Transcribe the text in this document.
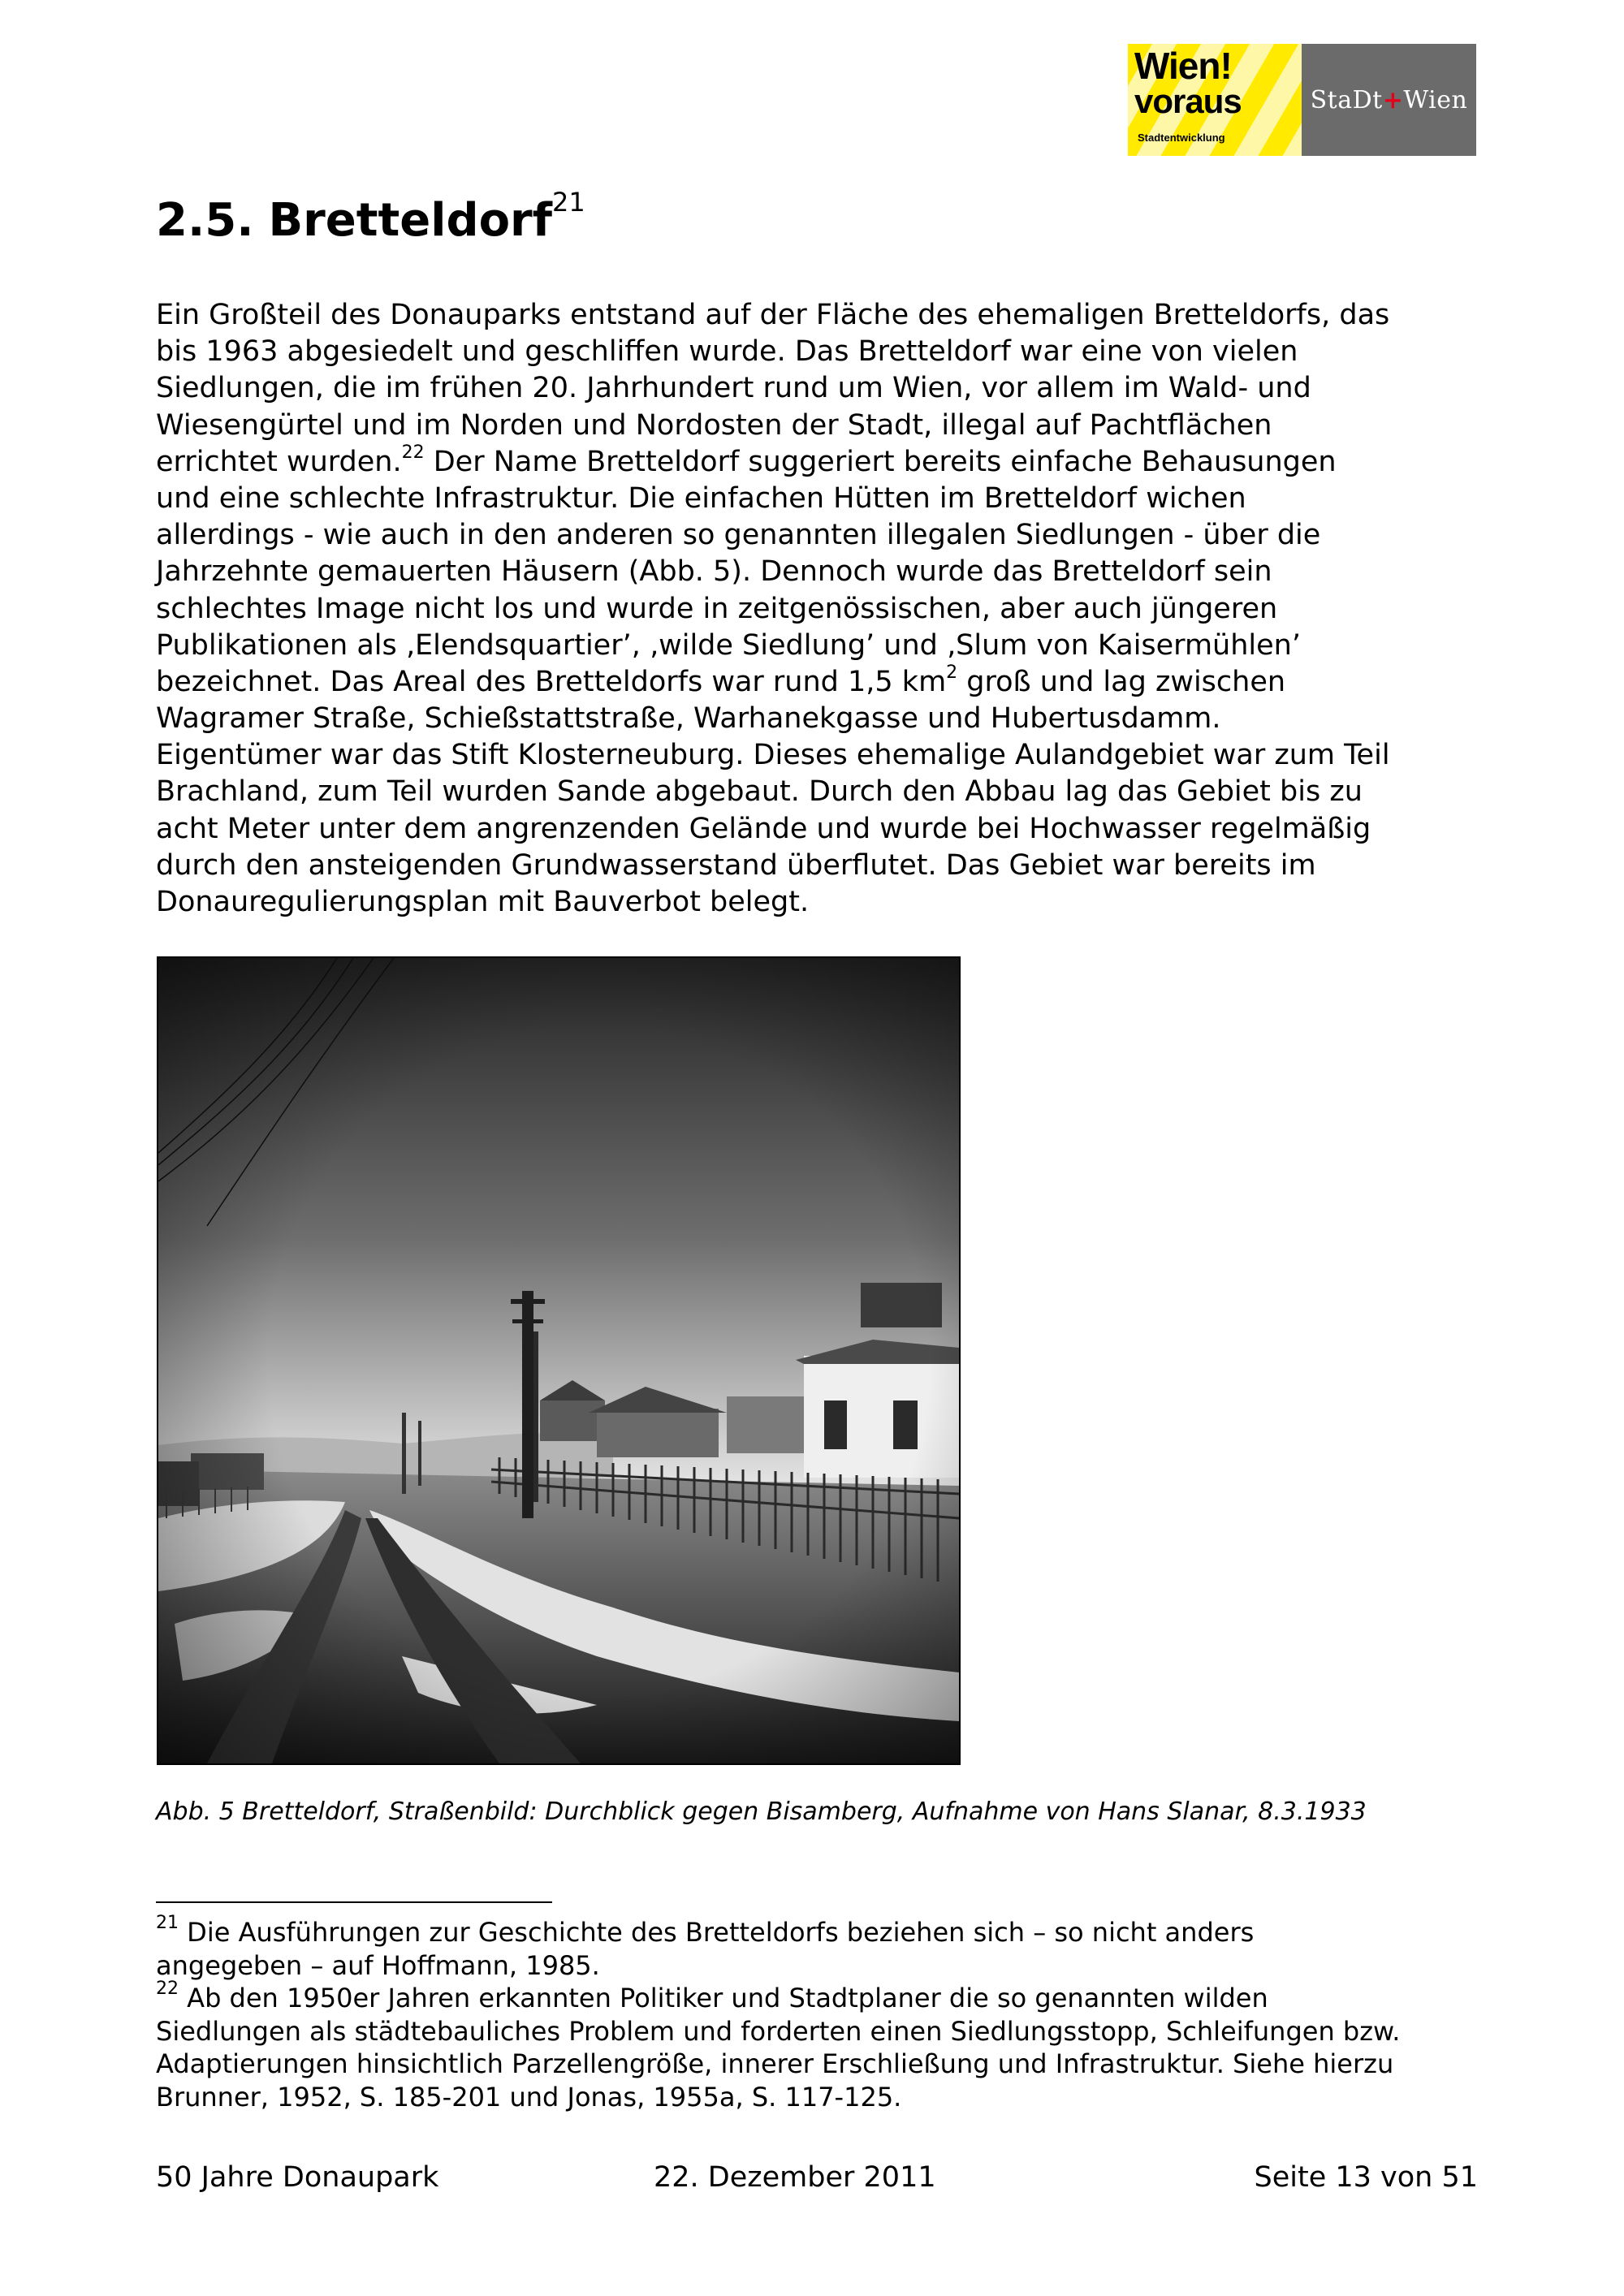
Wien!
voraus
Stadtentwicklung
StaDt + Wien
2.5. Bretteldorf$^{21}$
Ein Großteil des Donauparks entstand auf der Fläche des ehemaligen Bretteldorfs, das
bis 1963 abgesiedelt und geschliffen wurde. Das Bretteldorf war eine von vielen
Siedlungen, die im frühen 20. Jahrhundert rund um Wien, vor allem im Wald- und
Wiesengürtel und im Norden und Nordosten der Stadt, illegal auf Pachtflächen
errichtet wurden.$^{22}$ Der Name Bretteldorf suggeriert bereits einfache Behausungen
und eine schlechte Infrastruktur. Die einfachen Hütten im Bretteldorf wichen
allerdings - wie auch in den anderen so genannten illegalen Siedlungen - über die
Jahrzehnte gemauerten Häusern (Abb. 5). Dennoch wurde das Bretteldorf sein
schlechtes Image nicht los und wurde in zeitgenössischen, aber auch jüngeren
Publikationen als ‚Elendsquartier’, ‚wilde Siedlung’ und ‚Slum von Kaisermühlen’
bezeichnet. Das Areal des Bretteldorfs war rund 1,5 $km^2$ groß und lag zwischen
Wagramer Straße, Schießstattstraße, Warhanekgasse und Hubertusdamm.
Eigentümer war das Stift Klosterneuburg. Dieses ehemalige Aulandgebiet war zum Teil
Brachland, zum Teil wurden Sande abgebaut. Durch den Abbau lag das Gebiet bis zu
acht Meter unter dem angrenzenden Gelände und wurde bei Hochwasser regelmäßig
durch den ansteigenden Grundwasserstand überflutet. Das Gebiet war bereits im
Donauregulierungsplan mit Bauverbot belegt.
Abb. 5 Bretteldorf, Straßenbild: Durchblick gegen Bisamberg, Aufnahme von Hans Slanar, 8.3.1933
$^{21}$ Die Ausführungen zur Geschichte des Bretteldorfs beziehen sich – so nicht anders
angegeben – auf Hoffmann, 1985.
$^{22}$ Ab den 1950er Jahren erkannten Politiker und Stadtplaner die so genannten wilden
Siedlungen als städtebauliches Problem und forderten einen Siedlungsstopp, Schleifungen bzw.
Adaptierungen hinsichtlich Parzellengröße, innerer Erschließung und Infrastruktur. Siehe hierzu
Brunner, 1952, S. 185-201 und Jonas, 1955a, S. 117-125.
50 Jahre Donaupark	22. Dezember 2011	Seite 13 von 51
